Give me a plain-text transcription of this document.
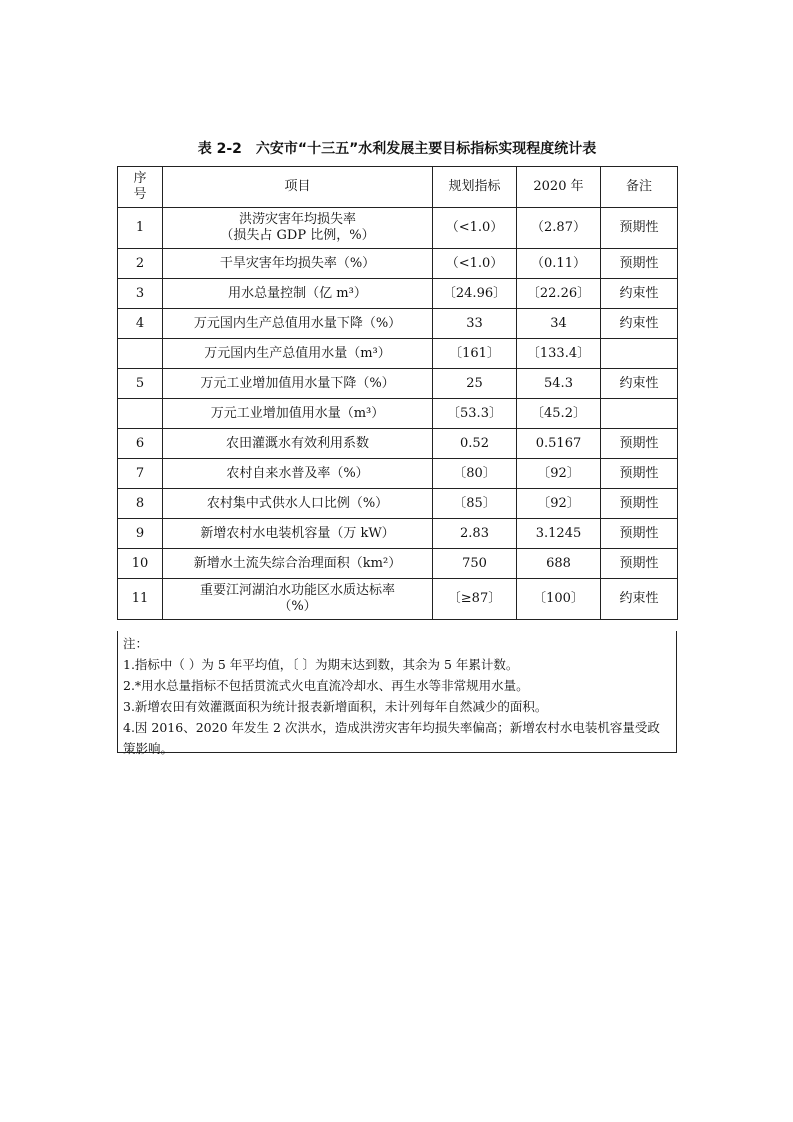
表 2-2　六安市“十三五”水利发展主要目标指标实现程度统计表
序
号	项目	规划指标	2020 年	备注
1	洪涝灾害年均损失率
（损失占 GDP 比例，%）	（<1.0）	（2.87）	预期性
2	干旱灾害年均损失率（%）	（<1.0）	（0.11）	预期性
3	用水总量控制（亿 m³）	〔24.96〕	〔22.26〕	约束性
4	万元国内生产总值用水量下降（%）	33	34	约束性
	万元国内生产总值用水量（m³）	〔161〕	〔133.4〕	
5	万元工业增加值用水量下降（%）	25	54.3	约束性
	万元工业增加值用水量（m³）	〔53.3〕	〔45.2〕	
6	农田灌溉水有效利用系数	0.52	0.5167	预期性
7	农村自来水普及率（%）	〔80〕	〔92〕	预期性
8	农村集中式供水人口比例（%）	〔85〕	〔92〕	预期性
9	新增农村水电装机容量（万 kW）	2.83	3.1245	预期性
10	新增水土流失综合治理面积（km²）	750	688	预期性
11	重要江河湖泊水功能区水质达标率
（%）	〔≥87〕	〔100〕	约束性
注：
1.指标中（ ）为 5 年平均值，〔 〕为期末达到数，其余为 5 年累计数。
2.*用水总量指标不包括贯流式火电直流冷却水、再生水等非常规用水量。
3.新增农田有效灌溉面积为统计报表新增面积，未计列每年自然减少的面积。
4.因 2016、2020 年发生 2 次洪水，造成洪涝灾害年均损失率偏高；新增农村水电装机容量受政策影响。
